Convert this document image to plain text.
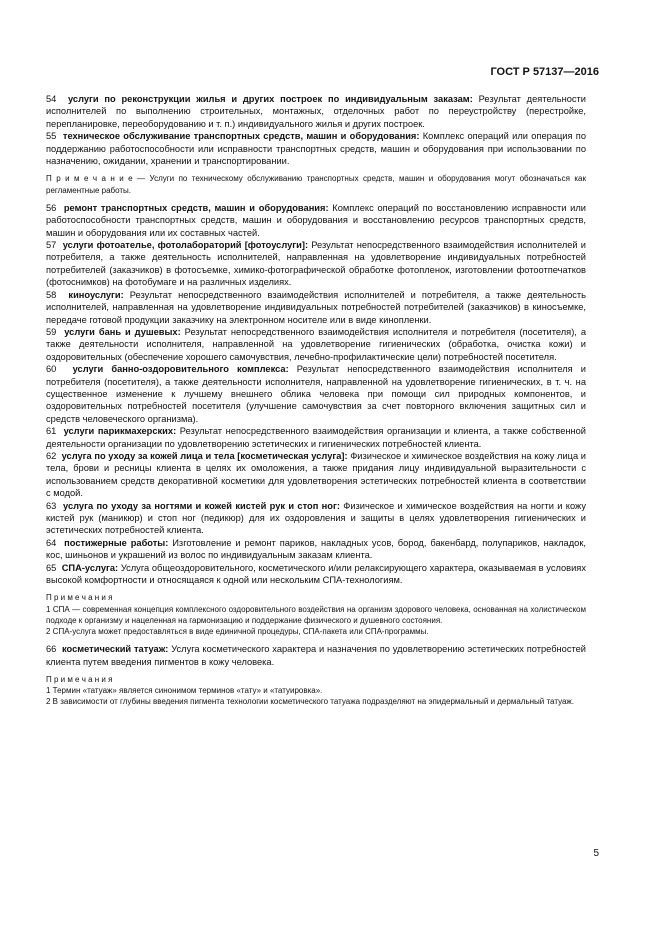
ГОСТ Р 57137—2016

54 услуги по реконструкции жилья и других построек по индивидуальным заказам: Результат деятельности исполнителей по выполнению строительных, монтажных, отделочных работ по переустройству (перестройке, перепланировке, переоборудованию и т. п.) индивидуального жилья и других построек.

55 техническое обслуживание транспортных средств, машин и оборудования: Комплекс операций или операция по поддержанию работоспособности или исправности транспортных средств, машин и оборудования при использовании по назначению, ожидании, хранении и транспортировании.

П р и м е ч а н и е — Услуги по техническому обслуживанию транспортных средств, машин и оборудования могут обозначаться как регламентные работы.

56 ремонт транспортных средств, машин и оборудования: Комплекс операций по восстановлению исправности или работоспособности транспортных средств, машин и оборудования и восстановлению ресурсов транспортных средств, машин и оборудования или их составных частей.

57 услуги фотоателье, фотолабораторий [фотоуслуги]: Результат непосредственного взаимодействия исполнителей и потребителя, а также деятельность исполнителей, направленная на удовлетворение индивидуальных потребностей потребителей (заказчиков) в фотосъемке, химико-фотографической обработке фотопленок, изготовлении фотоотпечатков (фотоснимков) на фотобумаге и на различных изделиях.

58 киноуслуги: Результат непосредственного взаимодействия исполнителей и потребителя, а также деятельность исполнителей, направленная на удовлетворение индивидуальных потребностей потребителей (заказчиков) в киносъемке, передаче готовой продукции заказчику на электронном носителе или в виде кинопленки.

59 услуги бань и душевых: Результат непосредственного взаимодействия исполнителя и потребителя (посетителя), а также деятельности исполнителя, направленной на удовлетворение гигиенических (обработка, очистка кожи) и оздоровительных (обеспечение хорошего самочувствия, лечебно-профилактические цели) потребностей посетителя.

60 услуги банно-оздоровительного комплекса: Результат непосредственного взаимодействия исполнителя и потребителя (посетителя), а также деятельности исполнителя, направленной на удовлетворение гигиенических, в т. ч. на существенное изменение к лучшему внешнего облика человека при помощи сил природных компонентов, и оздоровительных потребностей посетителя (улучшение самочувствия за счет повторного включения защитных сил и средств человеческого организма).

61 услуги парикмахерских: Результат непосредственного взаимодействия организации и клиента, а также собственной деятельности организации по удовлетворению эстетических и гигиенических потребностей клиента.

62 услуга по уходу за кожей лица и тела [косметическая услуга]: Физическое и химическое воздействия на кожу лица и тела, брови и ресницы клиента в целях их омоложения, а также придания лицу индивидуальной выразительности с использованием средств декоративной косметики для удовлетворения эстетических потребностей клиента в соответствии с модой.

63 услуга по уходу за ногтями и кожей кистей рук и стоп ног: Физическое и химическое воздействия на ногти и кожу кистей рук (маникюр) и стоп ног (педикюр) для их оздоровления и защиты в целях удовлетворения гигиенических и эстетических потребностей клиента.

64 постижерные работы: Изготовление и ремонт париков, накладных усов, бород, бакенбард, полупариков, накладок, кос, шиньонов и украшений из волос по индивидуальным заказам клиента.

65 СПА-услуга: Услуга общеоздоровительного, косметического и/или релаксирующего характера, оказываемая в условиях высокой комфортности и относящаяся к одной или нескольким СПА-технологиям.

П р и м е ч а н и я

1 СПА — современная концепция комплексного оздоровительного воздействия на организм здорового человека, основанная на холистическом подходе к организму и нацеленная на гармонизацию и поддержание физического и душевного состояния.

2 СПА-услуга может предоставляться в виде единичной процедуры, СПА-пакета или СПА-программы.

66 косметический татуаж: Услуга косметического характера и назначения по удовлетворению эстетических потребностей клиента путем введения пигментов в кожу человека.

П р и м е ч а н и я

1 Термин «татуаж» является синонимом терминов «тату» и «татуировка».

2 В зависимости от глубины введения пигмента технологии косметического татуажа подразделяют на эпидермальный и дермальный татуаж.

5
